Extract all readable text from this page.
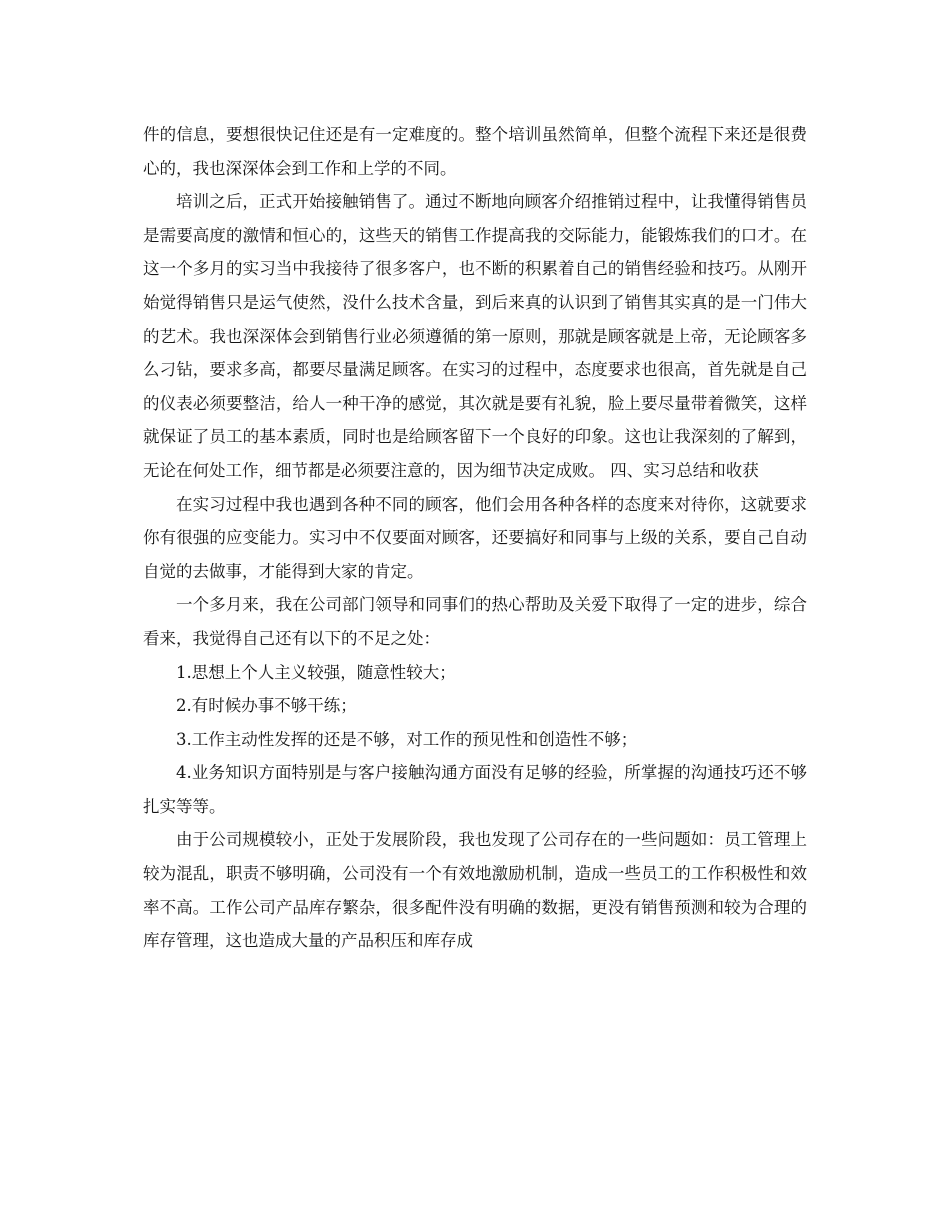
件的信息，要想很快记住还是有一定难度的。整个培训虽然简单，但整个流程下来还是很费心的，我也深深体会到工作和上学的不同。

培训之后，正式开始接触销售了。通过不断地向顾客介绍推销过程中，让我懂得销售员是需要高度的激情和恒心的，这些天的销售工作提高我的交际能力，能锻炼我们的口才。在这一个多月的实习当中我接待了很多客户，也不断的积累着自己的销售经验和技巧。从刚开始觉得销售只是运气使然，没什么技术含量，到后来真的认识到了销售其实真的是一门伟大的艺术。我也深深体会到销售行业必须遵循的第一原则，那就是顾客就是上帝，无论顾客多么刁钻，要求多高，都要尽量满足顾客。在实习的过程中，态度要求也很高，首先就是自己的仪表必须要整洁，给人一种干净的感觉，其次就是要有礼貌，脸上要尽量带着微笑，这样就保证了员工的基本素质，同时也是给顾客留下一个良好的印象。这也让我深刻的了解到，无论在何处工作，细节都是必须要注意的，因为细节决定成败。 四、实习总结和收获

在实习过程中我也遇到各种不同的顾客，他们会用各种各样的态度来对待你，这就要求你有很强的应变能力。实习中不仅要面对顾客，还要搞好和同事与上级的关系，要自己自动自觉的去做事，才能得到大家的肯定。

一个多月来，我在公司部门领导和同事们的热心帮助及关爱下取得了一定的进步，综合看来，我觉得自己还有以下的不足之处：

1.思想上个人主义较强，随意性较大；

2.有时候办事不够干练；

3.工作主动性发挥的还是不够，对工作的预见性和创造性不够；

4.业务知识方面特别是与客户接触沟通方面没有足够的经验，所掌握的沟通技巧还不够扎实等等。

由于公司规模较小，正处于发展阶段，我也发现了公司存在的一些问题如：员工管理上较为混乱，职责不够明确，公司没有一个有效地激励机制，造成一些员工的工作积极性和效率不高。工作公司产品库存繁杂，很多配件没有明确的数据，更没有销售预测和较为合理的库存管理，这也造成大量的产品积压和库存成
